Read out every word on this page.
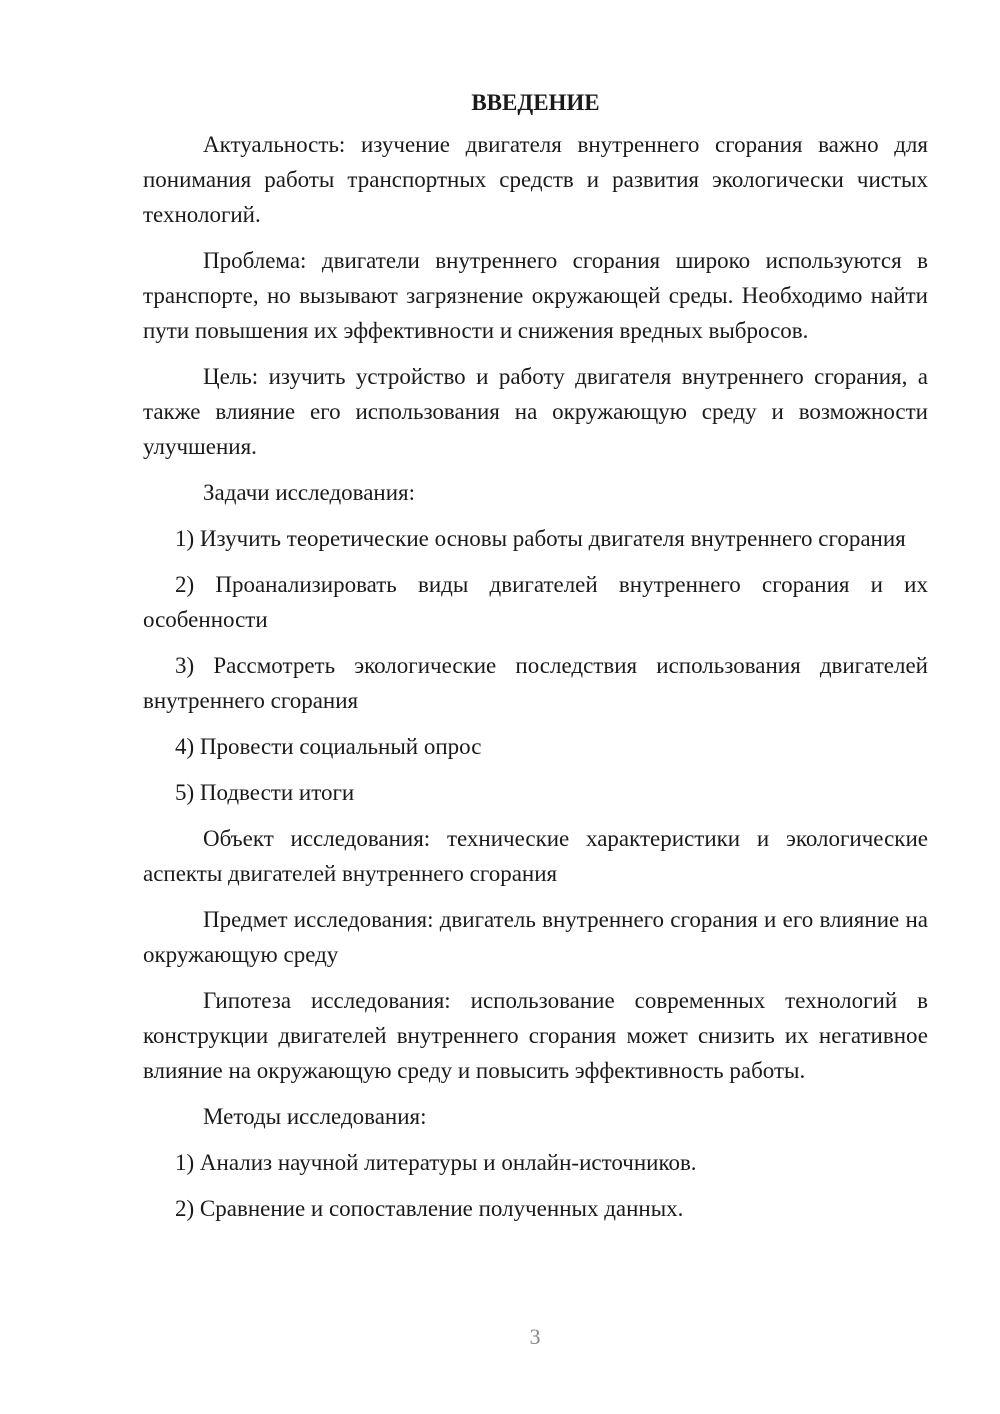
ВВЕДЕНИЕ

Актуальность: изучение двигателя внутреннего сгорания важно для понимания работы транспортных средств и развития экологически чистых технологий.

Проблема: двигатели внутреннего сгорания широко используются в транспорте, но вызывают загрязнение окружающей среды. Необходимо найти пути повышения их эффективности и снижения вредных выбросов.

Цель: изучить устройство и работу двигателя внутреннего сгорания, а также влияние его использования на окружающую среду и возможности улучшения.

Задачи исследования:

1) Изучить теоретические основы работы двигателя внутреннего сгорания

2) Проанализировать виды двигателей внутреннего сгорания и их особенности

3) Рассмотреть экологические последствия использования двигателей внутреннего сгорания

4) Провести социальный опрос

5) Подвести итоги

Объект исследования: технические характеристики и экологические аспекты двигателей внутреннего сгорания

Предмет исследования: двигатель внутреннего сгорания и его влияние на окружающую среду

Гипотеза исследования: использование современных технологий в конструкции двигателей внутреннего сгорания может снизить их негативное влияние на окружающую среду и повысить эффективность работы.

Методы исследования:

1) Анализ научной литературы и онлайн-источников.

2) Сравнение и сопоставление полученных данных.

3
